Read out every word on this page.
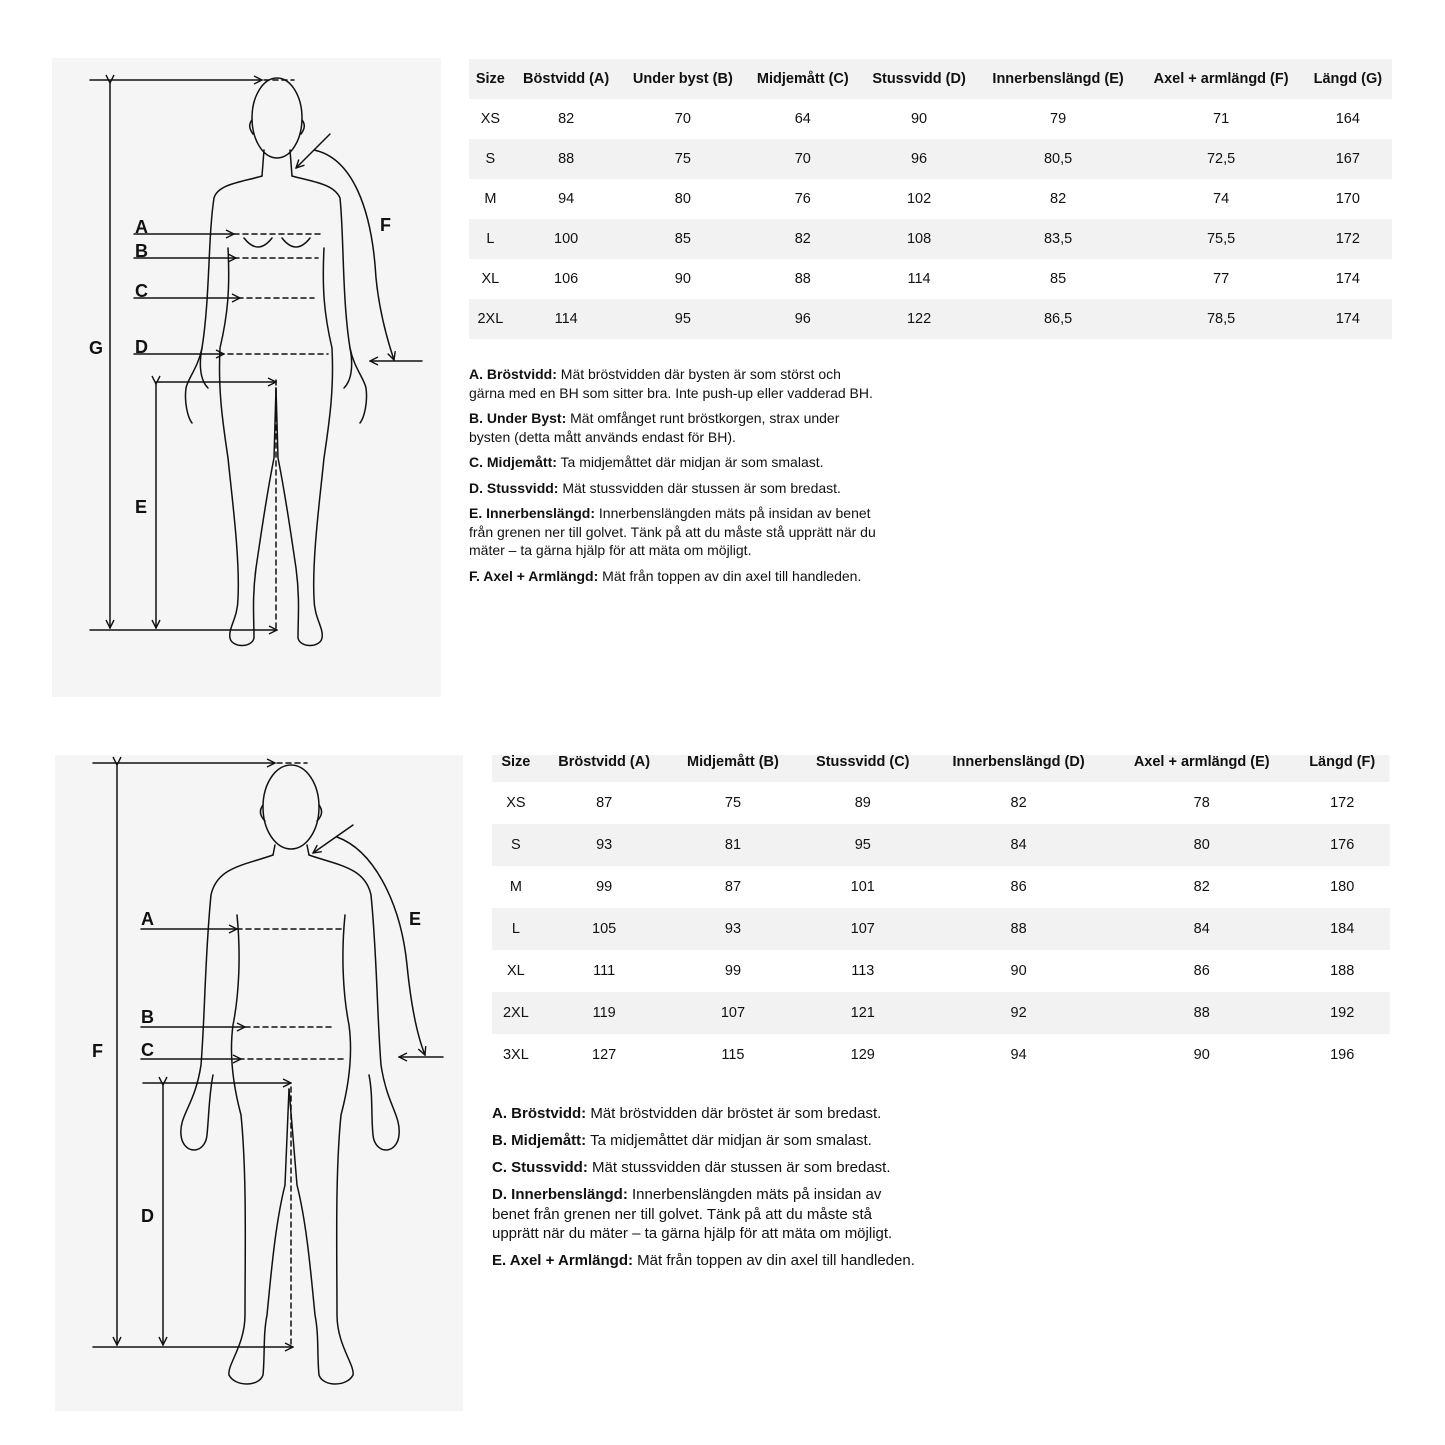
A
B
C
D
E
F
G
Size	Böstvidd (A)	Under byst (B)	Midjemått (C)	Stussvidd (D)	Innerbenslängd (E)	Axel + armlängd (F)	Längd (G)
XS	82	70	64	90	79	71	164
S	88	75	70	96	80,5	72,5	167
M	94	80	76	102	82	74	170
L	100	85	82	108	83,5	75,5	172
XL	106	90	88	114	85	77	174
2XL	114	95	96	122	86,5	78,5	174

A. Bröstvidd: Mät bröstvidden där bysten är som störst och gärna med en BH som sitter bra. Inte push-up eller vadderad BH.

B. Under Byst: Mät omfånget runt bröstkorgen, strax under bysten (detta mått används endast för BH).

C. Midjemått: Ta midjemåttet där midjan är som smalast.

D. Stussvidd: Mät stussvidden där stussen är som bredast.

E. Innerbenslängd: Innerbenslängden mäts på insidan av benet från grenen ner till golvet. Tänk på att du måste stå upprätt när du mäter – ta gärna hjälp för att mäta om möjligt.

F. Axel + Armlängd: Mät från toppen av din axel till handleden.

A
B
C
D
E
F
Size	Bröstvidd (A)	Midjemått (B)	Stussvidd (C)	Innerbenslängd (D)	Axel + armlängd (E)	Längd (F)
XS	87	75	89	82	78	172
S	93	81	95	84	80	176
M	99	87	101	86	82	180
L	105	93	107	88	84	184
XL	111	99	113	90	86	188
2XL	119	107	121	92	88	192
3XL	127	115	129	94	90	196

A. Bröstvidd: Mät bröstvidden där bröstet är som bredast.

B. Midjemått: Ta midjemåttet där midjan är som smalast.

C. Stussvidd: Mät stussvidden där stussen är som bredast.

D. Innerbenslängd: Innerbenslängden mäts på insidan av benet från grenen ner till golvet. Tänk på att du måste stå upprätt när du mäter – ta gärna hjälp för att mäta om möjligt.

E. Axel + Armlängd: Mät från toppen av din axel till handleden.
